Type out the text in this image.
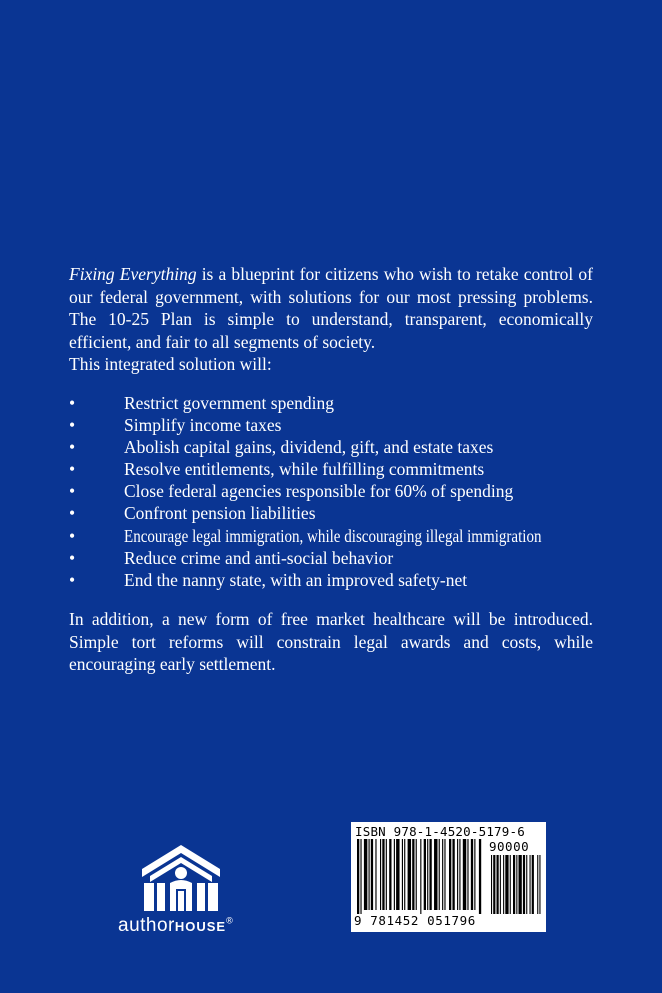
Fixing Everything is a blueprint for citizens who wish to retake control of our federal government, with solutions for our most pressing problems. The 10-25 Plan is simple to understand, transparent, economically efficient, and fair to all segments of society.

This integrated solution will:

•	Restrict government spending
•	Simplify income taxes
•	Abolish capital gains, dividend, gift, and estate taxes
•	Resolve entitlements, while fulfilling commitments
•	Close federal agencies responsible for 60% of spending
•	Confront pension liabilities
•	Encourage legal immigration, while discouraging illegal immigration
•	Reduce crime and anti-social behavior
•	End the nanny state, with an improved safety-net

In addition, a new form of free market healthcare will be introduced. Simple tort reforms will constrain legal awards and costs, while encouraging early settlement.

authorHOUSE®
ISBN 978-1-4520-5179-6
90000
9 781452 051796
